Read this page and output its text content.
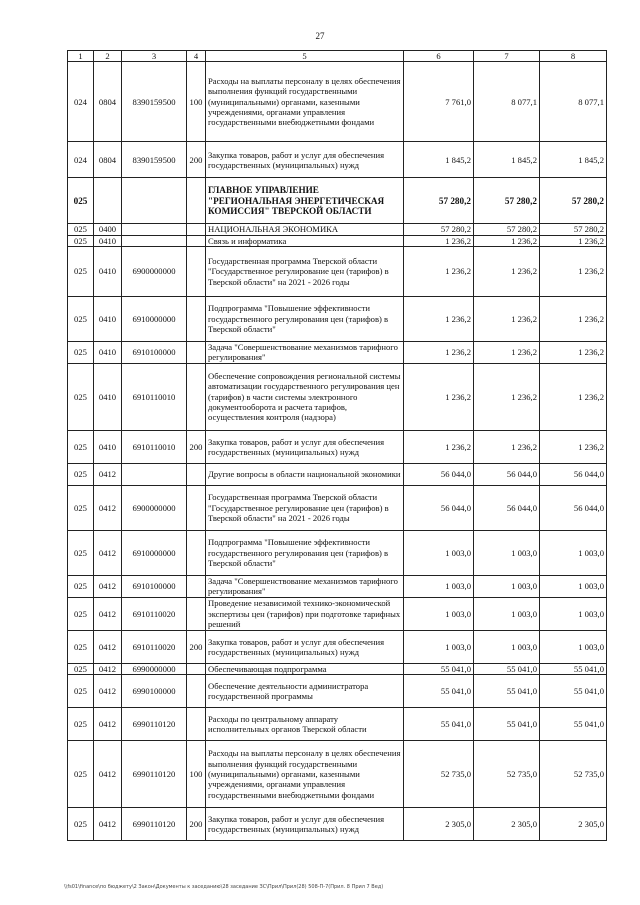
27
1	2	3	4	5	6	7	8
024	0804	8390159500	100	Расходы на выплаты персоналу в целях обеспечения выполнения функций государственными (муниципальными) органами, казенными учреждениями, органами управления государственными внебюджетными фондами	7 761,0	8 077,1	8 077,1
024	0804	8390159500	200	Закупка товаров, работ и услуг для обеспечения государственных (муниципальных) нужд	1 845,2	1 845,2	1 845,2
025				ГЛАВНОЕ УПРАВЛЕНИЕ "РЕГИОНАЛЬНАЯ ЭНЕРГЕТИЧЕСКАЯ КОМИССИЯ" ТВЕРСКОЙ ОБЛАСТИ	57 280,2	57 280,2	57 280,2
025	0400			НАЦИОНАЛЬНАЯ ЭКОНОМИКА	57 280,2	57 280,2	57 280,2
025	0410			Связь и информатика	1 236,2	1 236,2	1 236,2
025	0410	6900000000		Государственная программа Тверской области "Государственное регулирование цен (тарифов) в Тверской области" на 2021 - 2026 годы	1 236,2	1 236,2	1 236,2
025	0410	6910000000		Подпрограмма "Повышение эффективности государственного регулирования цен (тарифов) в Тверской области"	1 236,2	1 236,2	1 236,2
025	0410	6910100000		Задача "Совершенствование механизмов тарифного регулирования"	1 236,2	1 236,2	1 236,2
025	0410	6910110010		Обеспечение сопровождения региональной системы автоматизации государственного регулирования цен (тарифов) в части системы электронного документооборота и расчета тарифов, осуществления контроля (надзора)	1 236,2	1 236,2	1 236,2
025	0410	6910110010	200	Закупка товаров, работ и услуг для обеспечения государственных (муниципальных) нужд	1 236,2	1 236,2	1 236,2
025	0412			Другие вопросы в области национальной экономики	56 044,0	56 044,0	56 044,0
025	0412	6900000000		Государственная программа Тверской области "Государственное регулирование цен (тарифов) в Тверской области" на 2021 - 2026 годы	56 044,0	56 044,0	56 044,0
025	0412	6910000000		Подпрограмма "Повышение эффективности государственного регулирования цен (тарифов) в Тверской области"	1 003,0	1 003,0	1 003,0
025	0412	6910100000		Задача "Совершенствование механизмов тарифного регулирования"	1 003,0	1 003,0	1 003,0
025	0412	6910110020		Проведение независимой технико-экономической экспертизы цен (тарифов) при подготовке тарифных решений	1 003,0	1 003,0	1 003,0
025	0412	6910110020	200	Закупка товаров, работ и услуг для обеспечения государственных (муниципальных) нужд	1 003,0	1 003,0	1 003,0
025	0412	6990000000		Обеспечивающая подпрограмма	55 041,0	55 041,0	55 041,0
025	0412	6990100000		Обеспечение деятельности администратора государственной программы	55 041,0	55 041,0	55 041,0
025	0412	6990110120		Расходы по центральному аппарату исполнительных органов Тверской области	55 041,0	55 041,0	55 041,0
025	0412	6990110120	100	Расходы на выплаты персоналу в целях обеспечения выполнения функций государственными (муниципальными) органами, казенными учреждениями, органами управления государственными внебюджетными фондами	52 735,0	52 735,0	52 735,0
025	0412	6990110120	200	Закупка товаров, работ и услуг для обеспечения государственных (муниципальных) нужд	2 305,0	2 305,0	2 305,0
\\fs01\finance\по бюджету\2 Закон\Документы к заседанию\28 заседание ЗС\Прил\Прил(28) 508-П-7(Прил. 8 Прил 7 Вед)
